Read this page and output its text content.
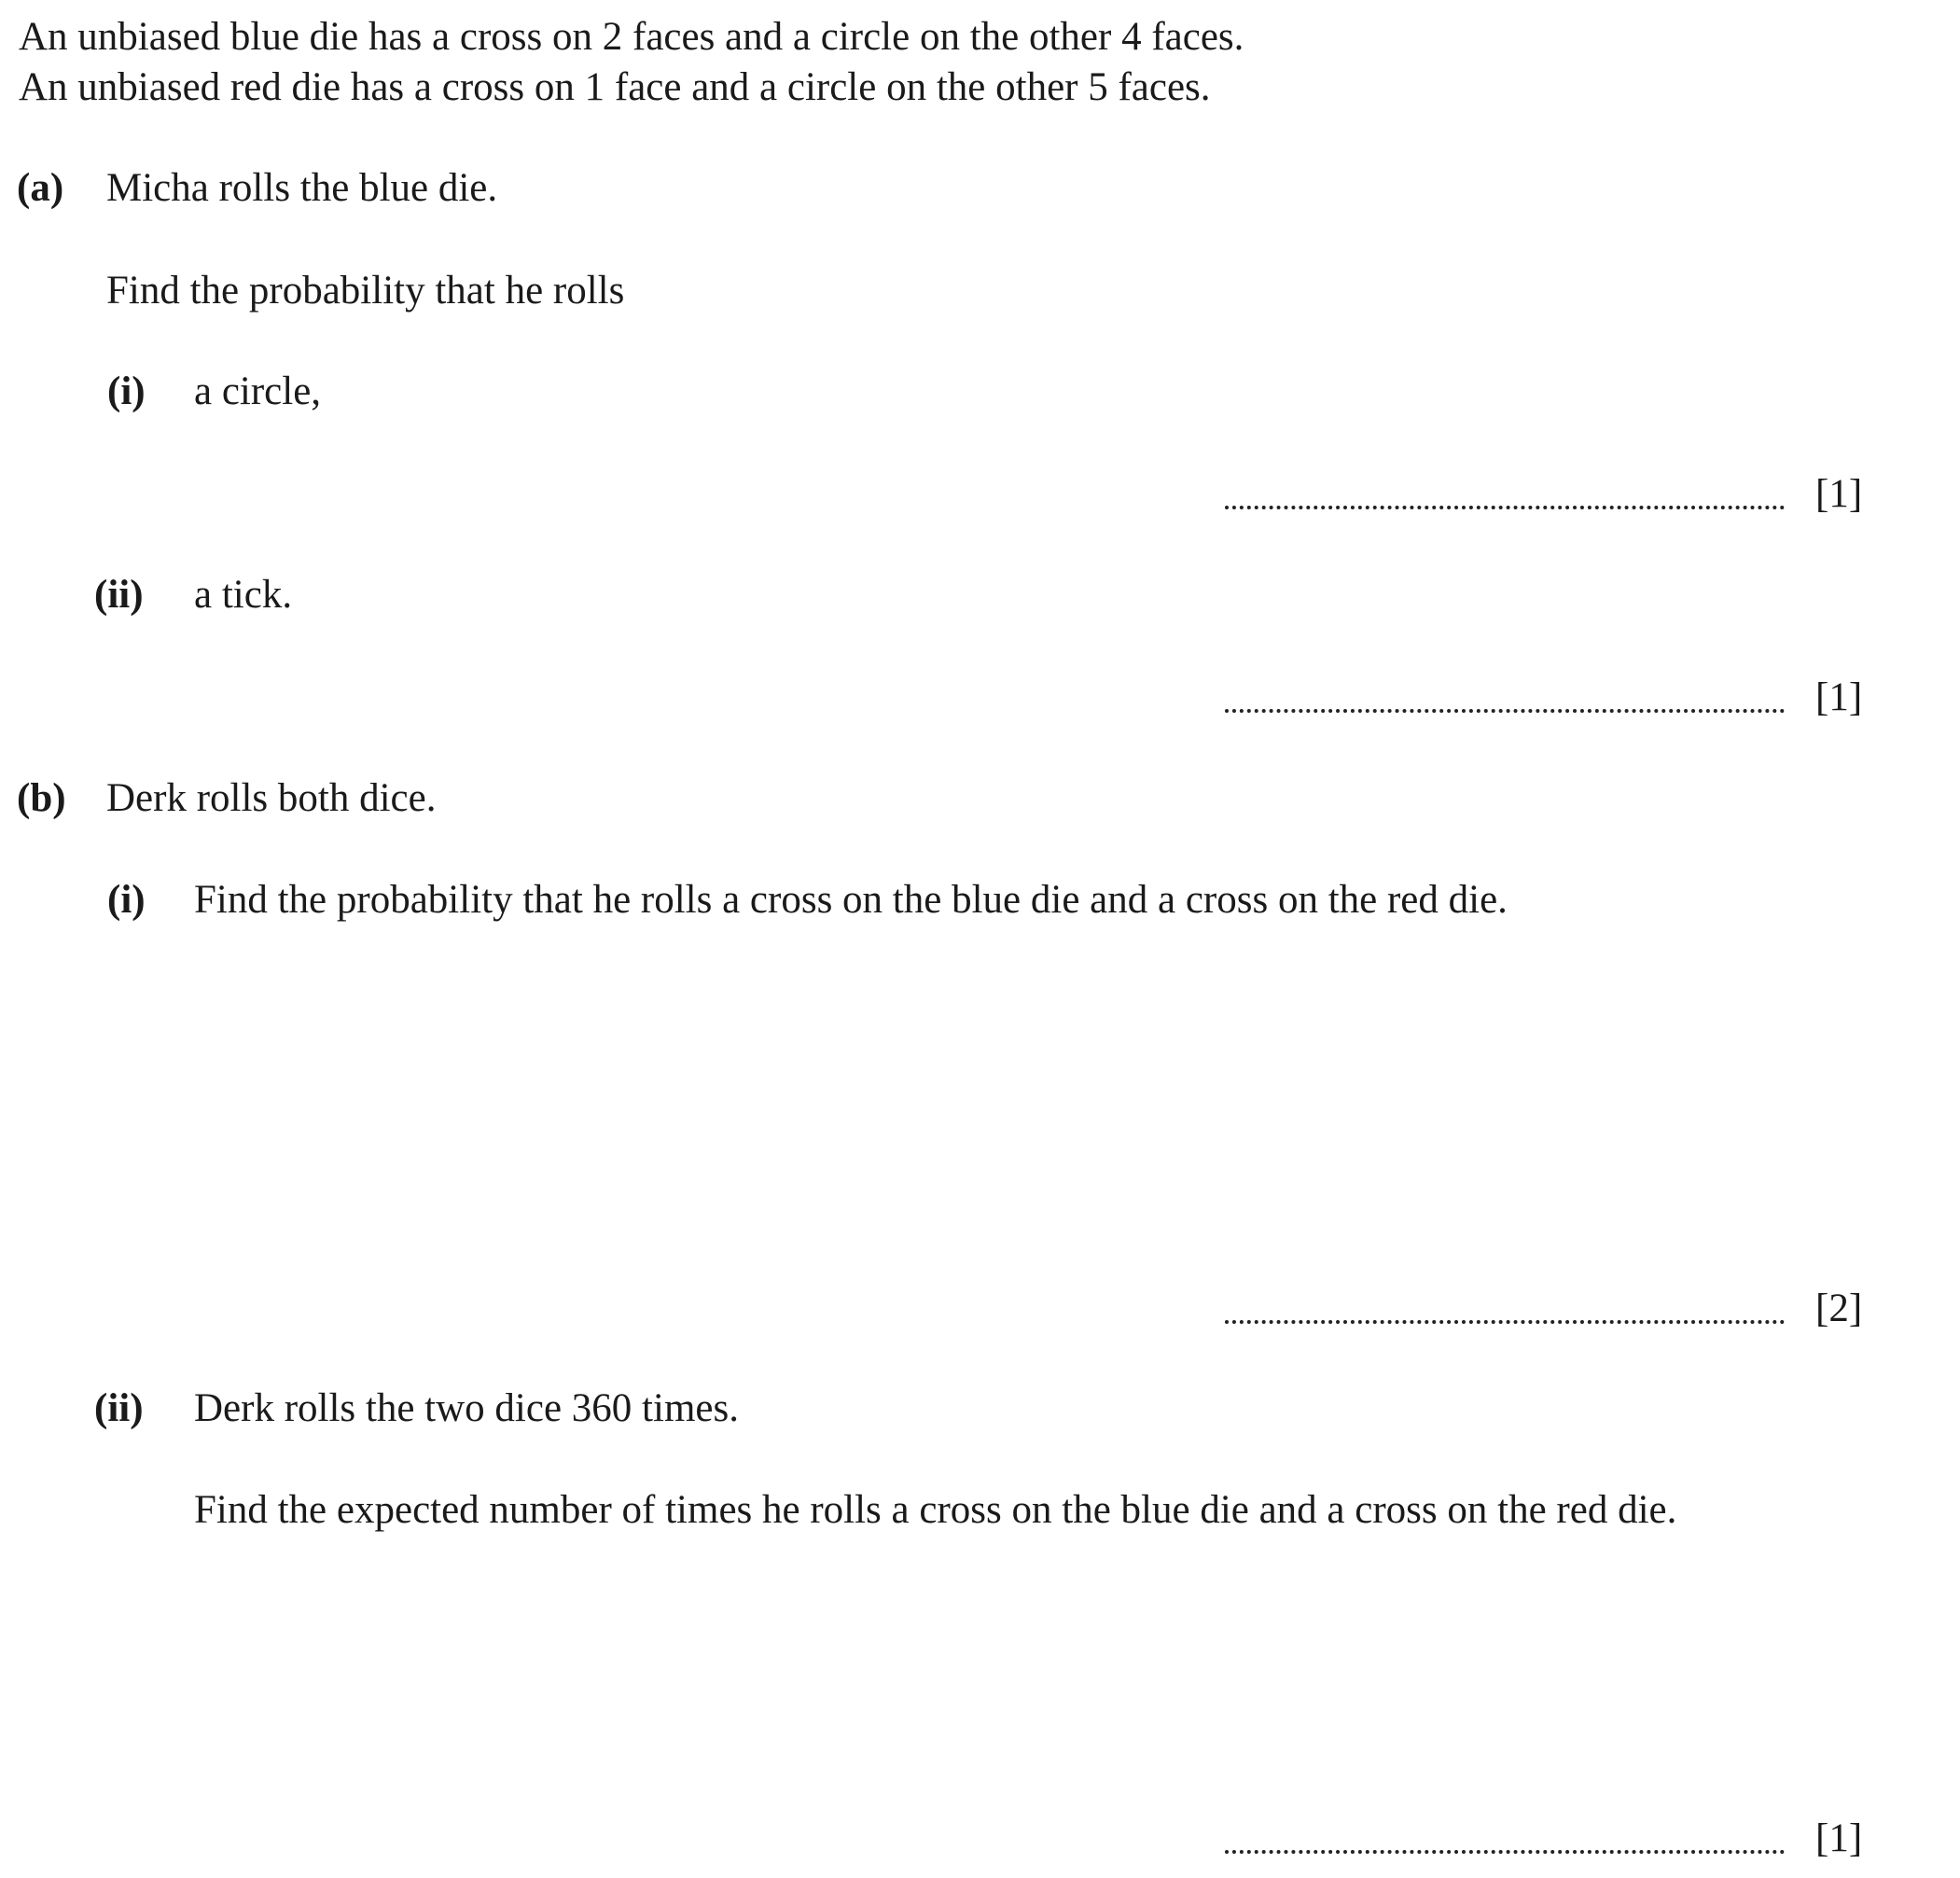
An unbiased blue die has a cross on 2 faces and a circle on the other 4 faces.
An unbiased red die has a cross on 1 face and a circle on the other 5 faces.
(a) Micha rolls the blue die.
Find the probability that he rolls
(i) a circle,
[1]
(ii) a tick.
[1]
(b) Derk rolls both dice.
(i) Find the probability that he rolls a cross on the blue die and a cross on the red die.
[2]
(ii) Derk rolls the two dice 360 times.
Find the expected number of times he rolls a cross on the blue die and a cross on the red die.
[1]
